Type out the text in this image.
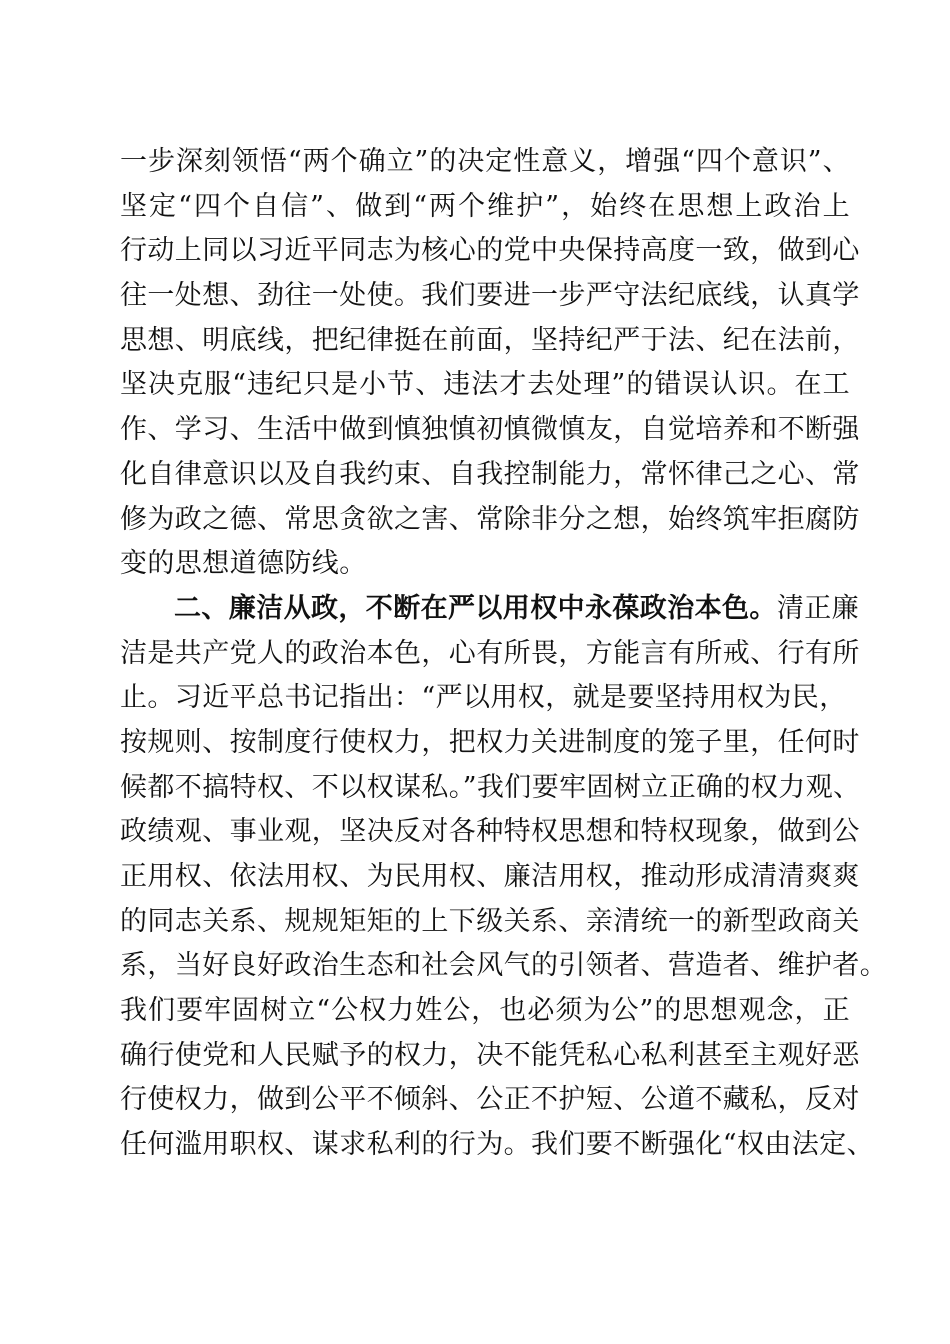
一步深刻领悟“两个确立”的决定性意义，增强“四个意识”、
坚定“四个自信”、做到“两个维护”，始终在思想上政治上
行动上同以习近平同志为核心的党中央保持高度一致，做到心
往一处想、劲往一处使。我们要进一步严守法纪底线，认真学
思想、明底线，把纪律挺在前面，坚持纪严于法、纪在法前，
坚决克服“违纪只是小节、违法才去处理”的错误认识。在工
作、学习、生活中做到慎独慎初慎微慎友，自觉培养和不断强
化自律意识以及自我约束、自我控制能力，常怀律己之心、常
修为政之德、常思贪欲之害、常除非分之想，始终筑牢拒腐防
变的思想道德防线。
二、廉洁从政，不断在严以用权中永葆政治本色。清正廉
洁是共产党人的政治本色，心有所畏，方能言有所戒、行有所
止。习近平总书记指出：“严以用权，就是要坚持用权为民，
按规则、按制度行使权力，把权力关进制度的笼子里，任何时
候都不搞特权、不以权谋私。”我们要牢固树立正确的权力观、
政绩观、事业观，坚决反对各种特权思想和特权现象，做到公
正用权、依法用权、为民用权、廉洁用权，推动形成清清爽爽
的同志关系、规规矩矩的上下级关系、亲清统一的新型政商关
系，当好良好政治生态和社会风气的引领者、营造者、维护者。
我们要牢固树立“公权力姓公，也必须为公”的思想观念，正
确行使党和人民赋予的权力，决不能凭私心私利甚至主观好恶
行使权力，做到公平不倾斜、公正不护短、公道不藏私，反对
任何滥用职权、谋求私利的行为。我们要不断强化“权由法定、
